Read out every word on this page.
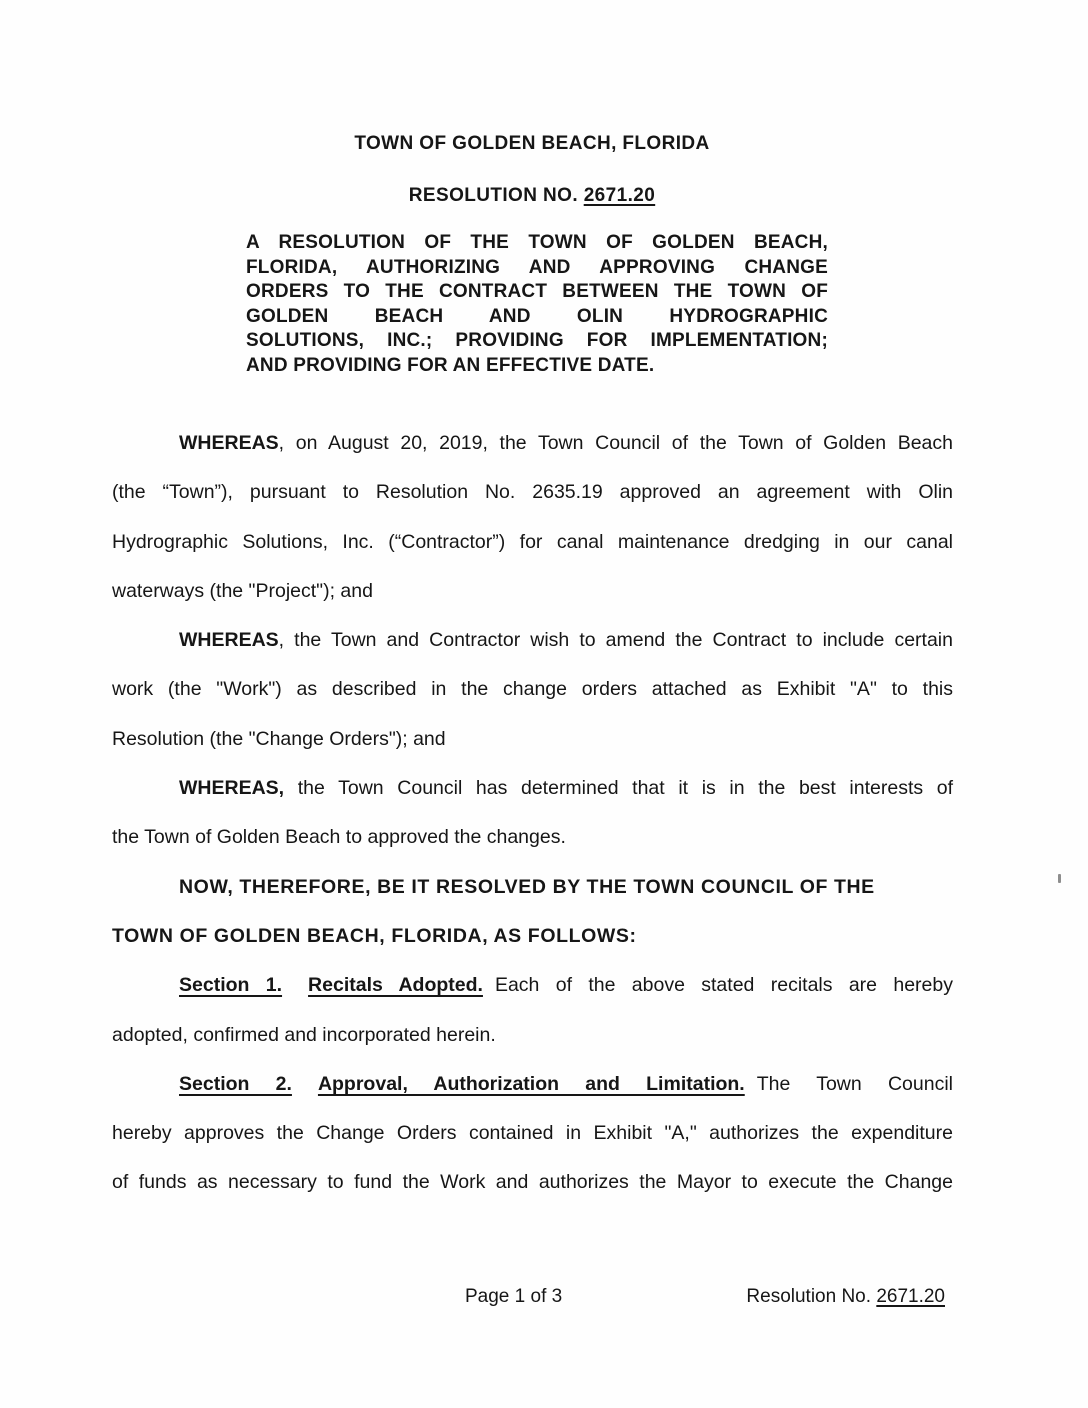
TOWN OF GOLDEN BEACH, FLORIDA
RESOLUTION NO. 2671.20
A RESOLUTION OF THE TOWN OF GOLDEN BEACH,
FLORIDA, AUTHORIZING AND APPROVING CHANGE
ORDERS TO THE CONTRACT BETWEEN THE TOWN OF
GOLDEN BEACH AND OLIN HYDROGRAPHIC
SOLUTIONS, INC.; PROVIDING FOR IMPLEMENTATION;
AND PROVIDING FOR AN EFFECTIVE DATE.
WHEREAS, on August 20, 2019, the Town Council of the Town of Golden Beach
(the “Town”), pursuant to Resolution No. 2635.19 approved an agreement with Olin
Hydrographic Solutions, Inc. (“Contractor”) for canal maintenance dredging in our canal
waterways (the "Project"); and
WHEREAS, the Town and Contractor wish to amend the Contract to include certain
work (the "Work") as described in the change orders attached as Exhibit "A" to this
Resolution (the "Change Orders"); and
WHEREAS, the Town Council has determined that it is in the best interests of
the Town of Golden Beach to approved the changes.
NOW, THEREFORE, BE IT RESOLVED BY THE TOWN COUNCIL OF THE
TOWN OF GOLDEN BEACH, FLORIDA, AS FOLLOWS:
Section 1. Recitals Adopted. Each of the above stated recitals are hereby
adopted, confirmed and incorporated herein.
Section 2. Approval, Authorization and Limitation. The Town Council
hereby approves the Change Orders contained in Exhibit "A," authorizes the expenditure
of funds as necessary to fund the Work and authorizes the Mayor to execute the Change
Page 1 of 3	Resolution No. 2671.20
